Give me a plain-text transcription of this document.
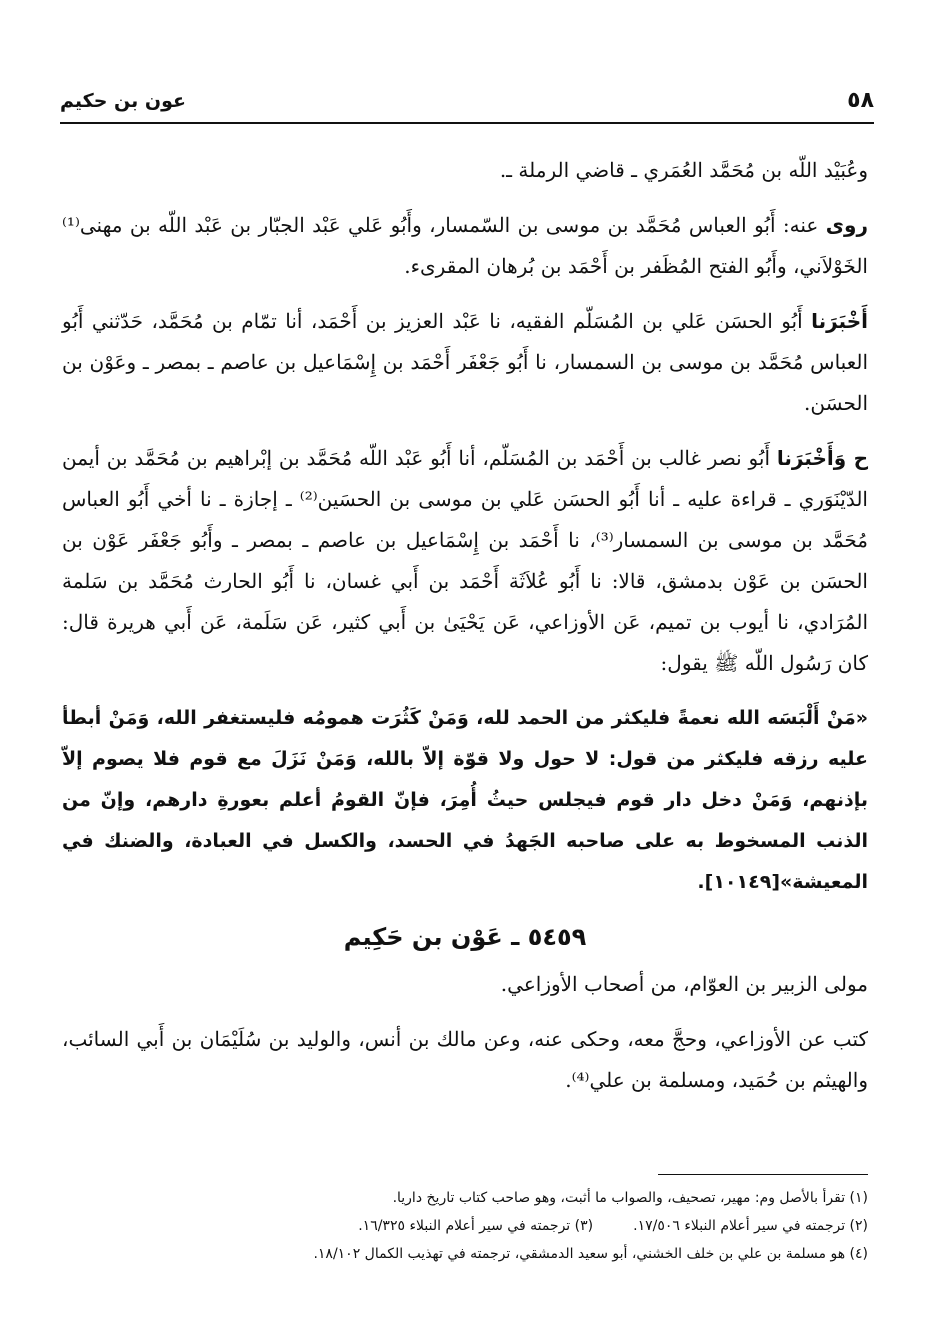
٥٨
عون بن حكيم

وعُبَيْد اللّه بن مُحَمَّد العُمَري ـ قاضي الرملة ـ.

روى عنه: أَبُو العباس مُحَمَّد بن موسى بن السّمسار، وأَبُو عَلي عَبْد الجبّار بن عَبْد اللّه بن مهنى⁽¹⁾ الخَوْلاَني، وأَبُو الفتح المُظَفر بن أَحْمَد بن بُرهان المقرىء.

أَخْبَرَنا أَبُو الحسَن عَلي بن المُسَلّم الفقيه، نا عَبْد العزيز بن أَحْمَد، أنا تمّام بن مُحَمَّد، حَدّثني أَبُو العباس مُحَمَّد بن موسى بن السمسار، نا أَبُو جَعْفَر أَحْمَد بن إِسْمَاعيل بن عاصم ـ بمصر ـ وعَوْن بن الحسَن.

ح وَأَخْبَرَنا أَبُو نصر غالب بن أَحْمَد بن المُسَلّم، أنا أَبُو عَبْد اللّه مُحَمَّد بن إبْراهيم بن مُحَمَّد بن أيمن الدّيْنَوَري ـ قراءة عليه ـ أنا أَبُو الحسَن عَلي بن موسى بن الحسَين⁽²⁾ ـ إجازة ـ نا أخي أَبُو العباس مُحَمَّد بن موسى بن السمسار⁽³⁾، نا أَحْمَد بن إِسْمَاعيل بن عاصم ـ بمصر ـ وأَبُو جَعْفَر عَوْن بن الحسَن بن عَوْن بدمشق، قالا: نا أَبُو عُلاَثَة أَحْمَد بن أَبي غسان، نا أَبُو الحارث مُحَمَّد بن سَلمة المُرَادي، نا أيوب بن تميم، عَن الأوزاعي، عَن يَحْيَىٰ بن أَبي كثير، عَن سَلَمة، عَن أَبي هريرة قال: كان رَسُول اللّه ﷺ يقول:

«مَنْ أَلْبَسَه الله نعمةً فليكثر من الحمد لله، وَمَنْ كَثُرَت همومُه فليستغفر الله، وَمَنْ أبطأ عليه رزقه فليكثر من قول: لا حول ولا قوّة إلاّ بالله، وَمَنْ نَزَلَ مع قوم فلا يصوم إلاّ بإذنهم، وَمَنْ دخل دار قوم فيجلس حيثُ أُمِرَ، فإنّ القومُ أعلم بعورةِ دارهم، وإنّ من الذنب المسخوط به على صاحبه الجَهدُ في الحسد، والكسل في العبادة، والضنك في المعيشة»[١٠١٤٩].

٥٤٥٩ ـ عَوْن بن حَكِيم

مولى الزبير بن العوّام، من أصحاب الأوزاعي.

كتب عن الأوزاعي، وحجَّ معه، وحكى عنه، وعن مالك بن أنس، والوليد بن سُلَيْمَان بن أَبي السائب، والهيثم بن حُمَيد، ومسلمة بن علي⁽⁴⁾.

(١) تقرأ بالأصل وم: مهير، تصحيف، والصواب ما أثبت، وهو صاحب كتاب تاريخ داريا.
(٢) ترجمته في سير أعلام النبلاء ١٧/٥٠٦.
(٣) ترجمته في سير أعلام النبلاء ١٦/٣٢٥.
(٤) هو مسلمة بن علي بن خلف الخشني، أبو سعيد الدمشقي، ترجمته في تهذيب الكمال ١٨/١٠٢.
